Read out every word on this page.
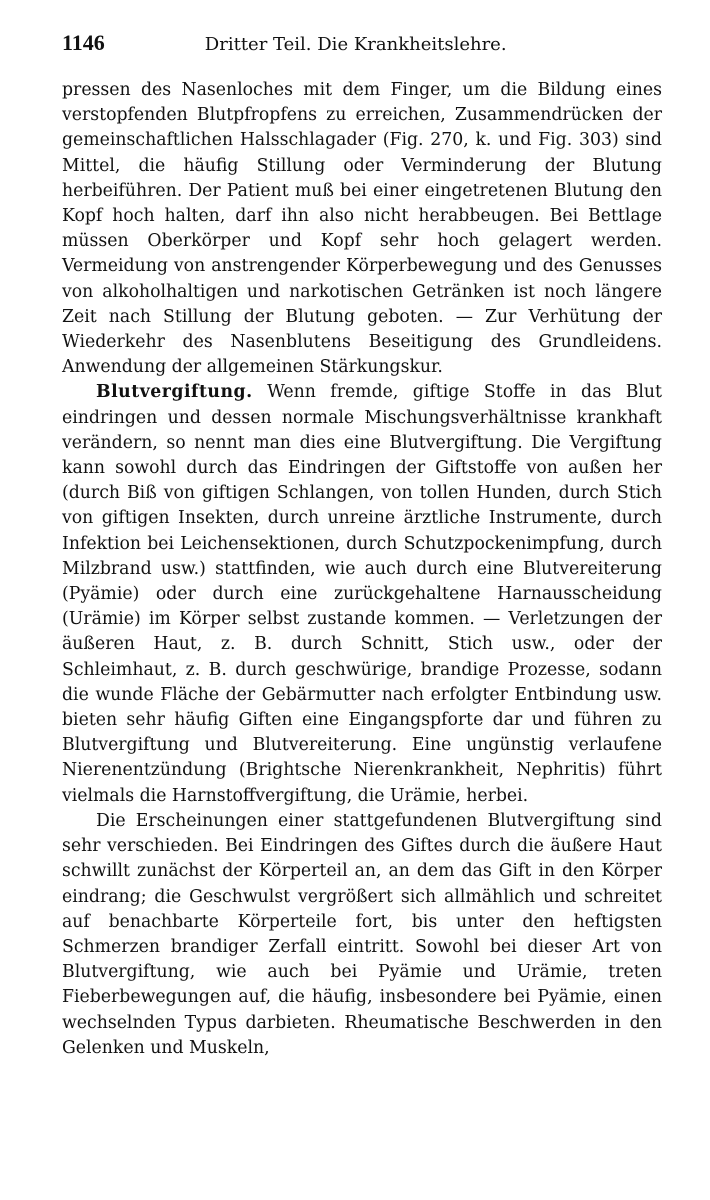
1146	Dritter Teil. Die Krankheitslehre.

pressen des Nasenloches mit dem Finger, um die Bildung eines verstopfenden Blutpfropfens zu erreichen, Zusammendrücken der gemeinschaftlichen Halsschlagader (Fig. 270, k. und Fig. 303) sind Mittel, die häufig Stillung oder Verminderung der Blutung herbeiführen. Der Patient muß bei einer eingetretenen Blutung den Kopf hoch halten, darf ihn also nicht herabbeugen. Bei Bettlage müssen Oberkörper und Kopf sehr hoch gelagert werden. Vermeidung von anstrengender Körperbewegung und des Genusses von alkoholhaltigen und narkotischen Getränken ist noch längere Zeit nach Stillung der Blutung geboten. — Zur Verhütung der Wiederkehr des Nasenblutens Beseitigung des Grundleidens. Anwendung der allgemeinen Stärkungskur.

Blutvergiftung. Wenn fremde, giftige Stoffe in das Blut eindringen und dessen normale Mischungsverhältnisse krankhaft verändern, so nennt man dies eine Blutvergiftung. Die Vergiftung kann sowohl durch das Eindringen der Giftstoffe von außen her (durch Biß von giftigen Schlangen, von tollen Hunden, durch Stich von giftigen Insekten, durch unreine ärztliche Instrumente, durch Infektion bei Leichensektionen, durch Schutzpockenimpfung, durch Milzbrand usw.) stattfinden, wie auch durch eine Blutvereiterung (Pyämie) oder durch eine zurückgehaltene Harnausscheidung (Urämie) im Körper selbst zustande kommen. — Verletzungen der äußeren Haut, z. B. durch Schnitt, Stich usw., oder der Schleimhaut, z. B. durch geschwürige, brandige Prozesse, sodann die wunde Fläche der Gebärmutter nach erfolgter Entbindung usw. bieten sehr häufig Giften eine Eingangspforte dar und führen zu Blutvergiftung und Blutvereiterung. Eine ungünstig verlaufene Nierenentzündung (Brightsche Nierenkrankheit, Nephritis) führt vielmals die Harnstoffvergiftung, die Urämie, herbei.

Die Erscheinungen einer stattgefundenen Blutvergiftung sind sehr verschieden. Bei Eindringen des Giftes durch die äußere Haut schwillt zunächst der Körperteil an, an dem das Gift in den Körper eindrang; die Geschwulst vergrößert sich allmählich und schreitet auf benachbarte Körperteile fort, bis unter den heftigsten Schmerzen brandiger Zerfall eintritt. Sowohl bei dieser Art von Blutvergiftung, wie auch bei Pyämie und Urämie, treten Fieberbewegungen auf, die häufig, insbesondere bei Pyämie, einen wechselnden Typus darbieten. Rheumatische Beschwerden in den Gelenken und Muskeln,
